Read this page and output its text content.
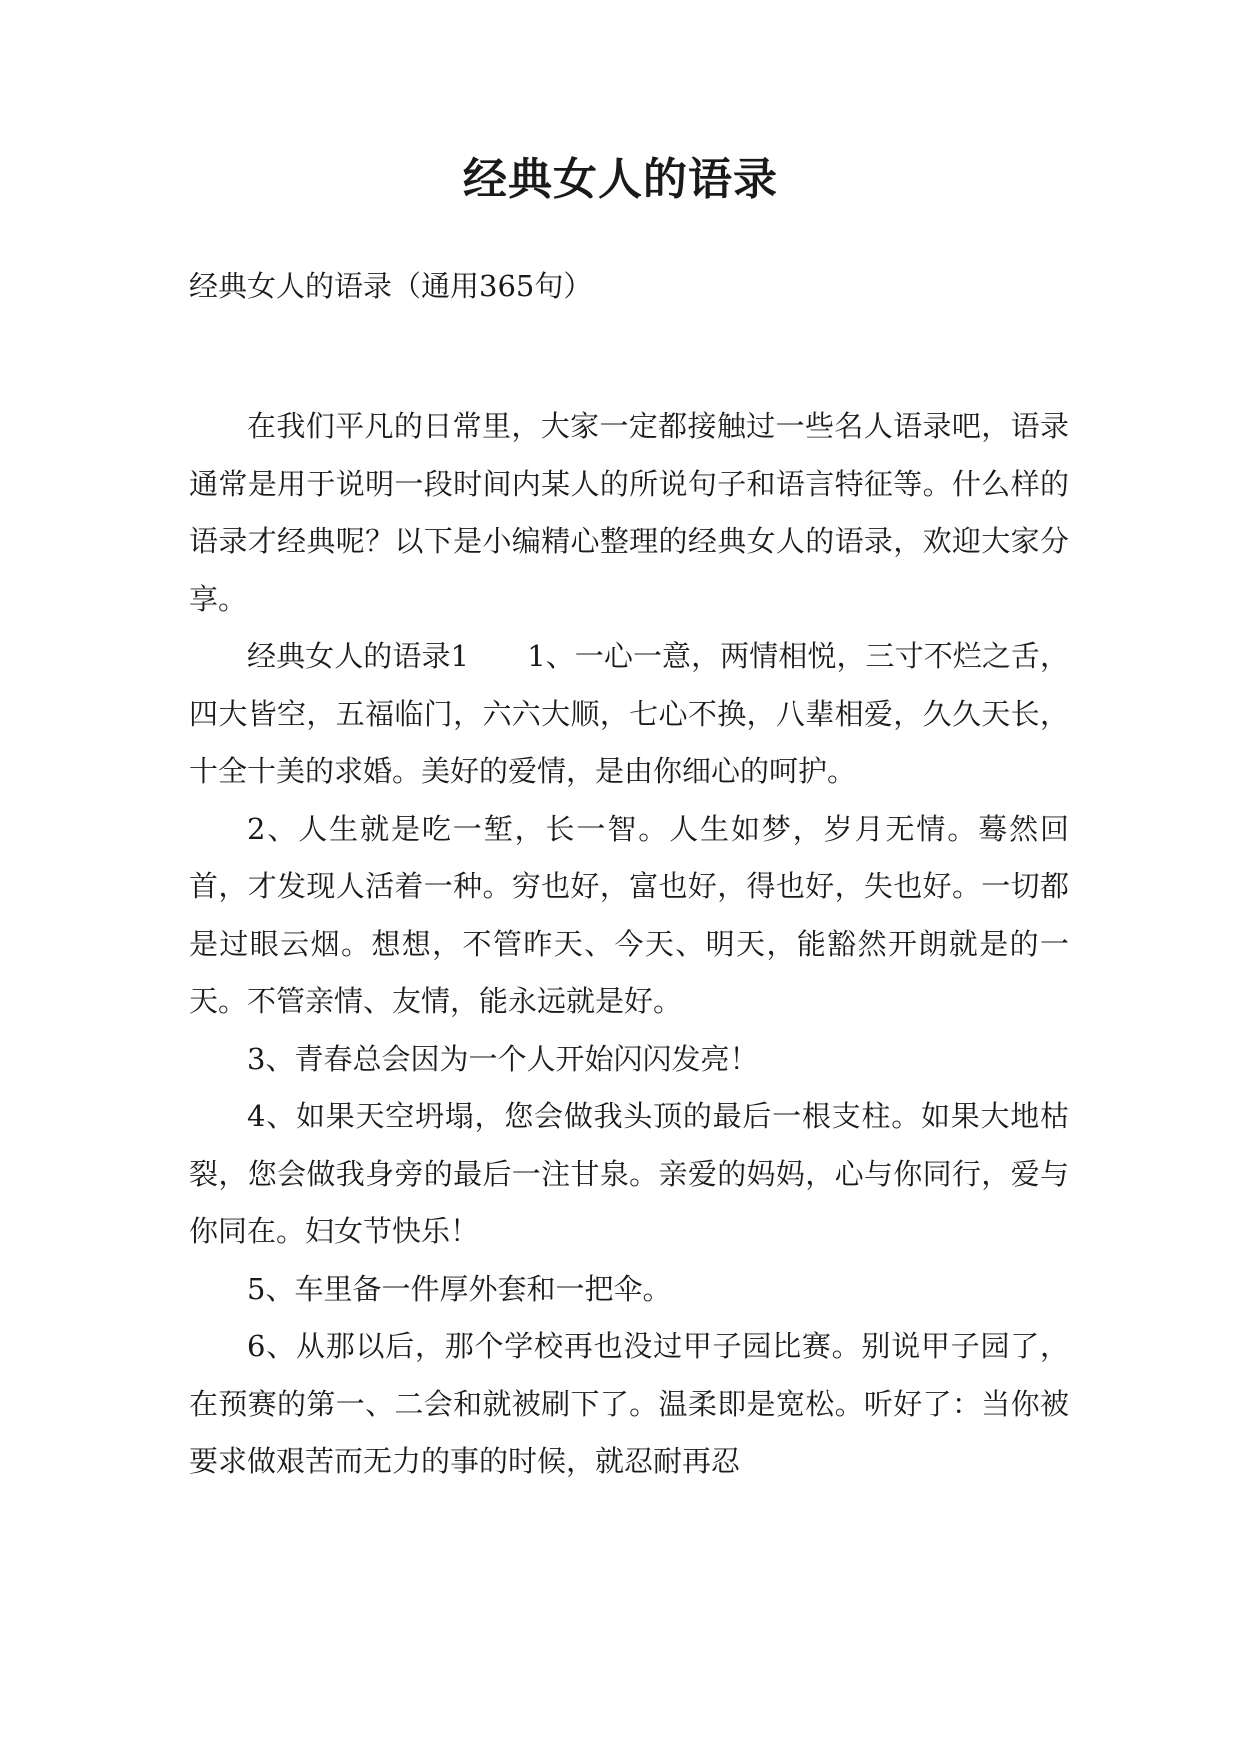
经典女人的语录
经典女人的语录（通用365句）

在我们平凡的日常里，大家一定都接触过一些名人语录吧，语录通常是用于说明一段时间内某人的所说句子和语言特征等。什么样的语录才经典呢？以下是小编精心整理的经典女人的语录，欢迎大家分享。

经典女人的语录1　　1、一心一意，两情相悦，三寸不烂之舌，四大皆空，五福临门，六六大顺，七心不换，八辈相爱，久久天长，十全十美的求婚。美好的爱情，是由你细心的呵护。

2、人生就是吃一堑，长一智。人生如梦，岁月无情。蓦然回首，才发现人活着一种。穷也好，富也好，得也好，失也好。一切都是过眼云烟。想想，不管昨天、今天、明天，能豁然开朗就是的一天。不管亲情、友情，能永远就是好。

3、青春总会因为一个人开始闪闪发亮！

4、如果天空坍塌，您会做我头顶的最后一根支柱。如果大地枯裂，您会做我身旁的最后一注甘泉。亲爱的妈妈，心与你同行，爱与你同在。妇女节快乐！

5、车里备一件厚外套和一把伞。

6、从那以后，那个学校再也没过甲子园比赛。别说甲子园了，在预赛的第一、二会和就被刷下了。温柔即是宽松。听好了：当你被要求做艰苦而无力的事的时候，就忍耐再忍
